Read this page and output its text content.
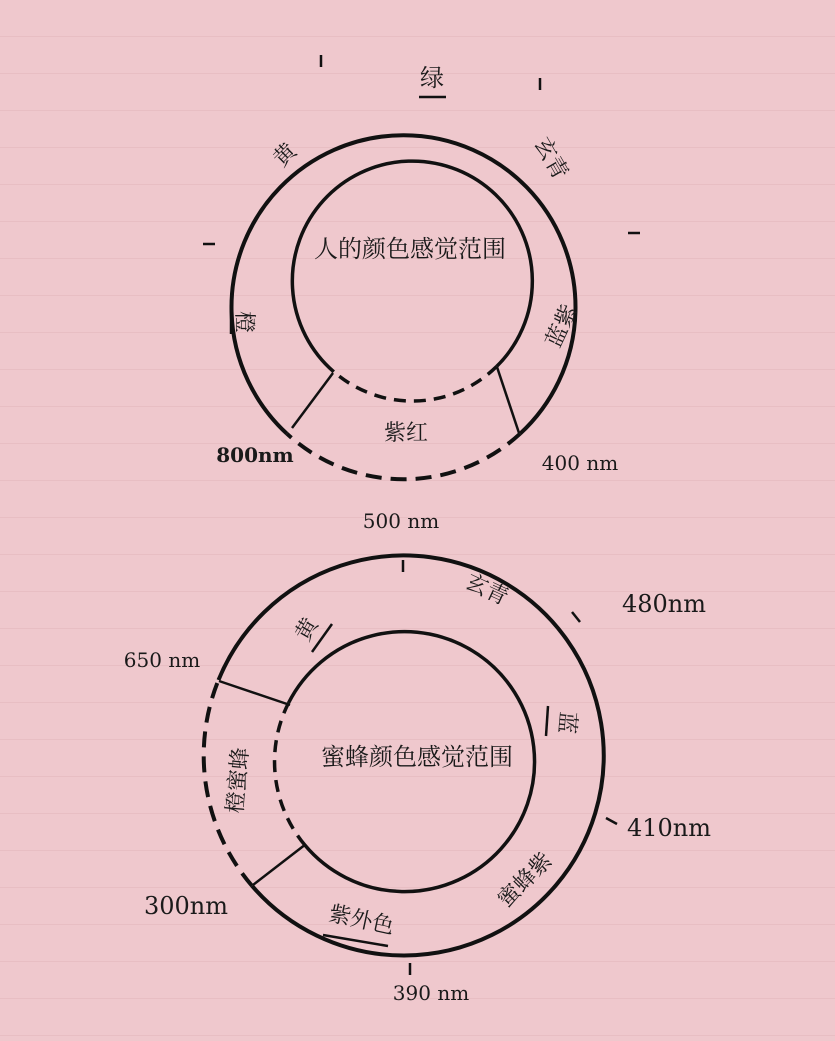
人的颜色感觉范围
绿
玄青
蓝紫
紫红
黄
橙
800nm	400 nm
蜜蜂颜色感觉范围
玄青
黄
蓝
蜜蜂紫
紫外色
橙蜜蜂
500 nm
480nm
650 nm
410nm
300nm
390 nm
